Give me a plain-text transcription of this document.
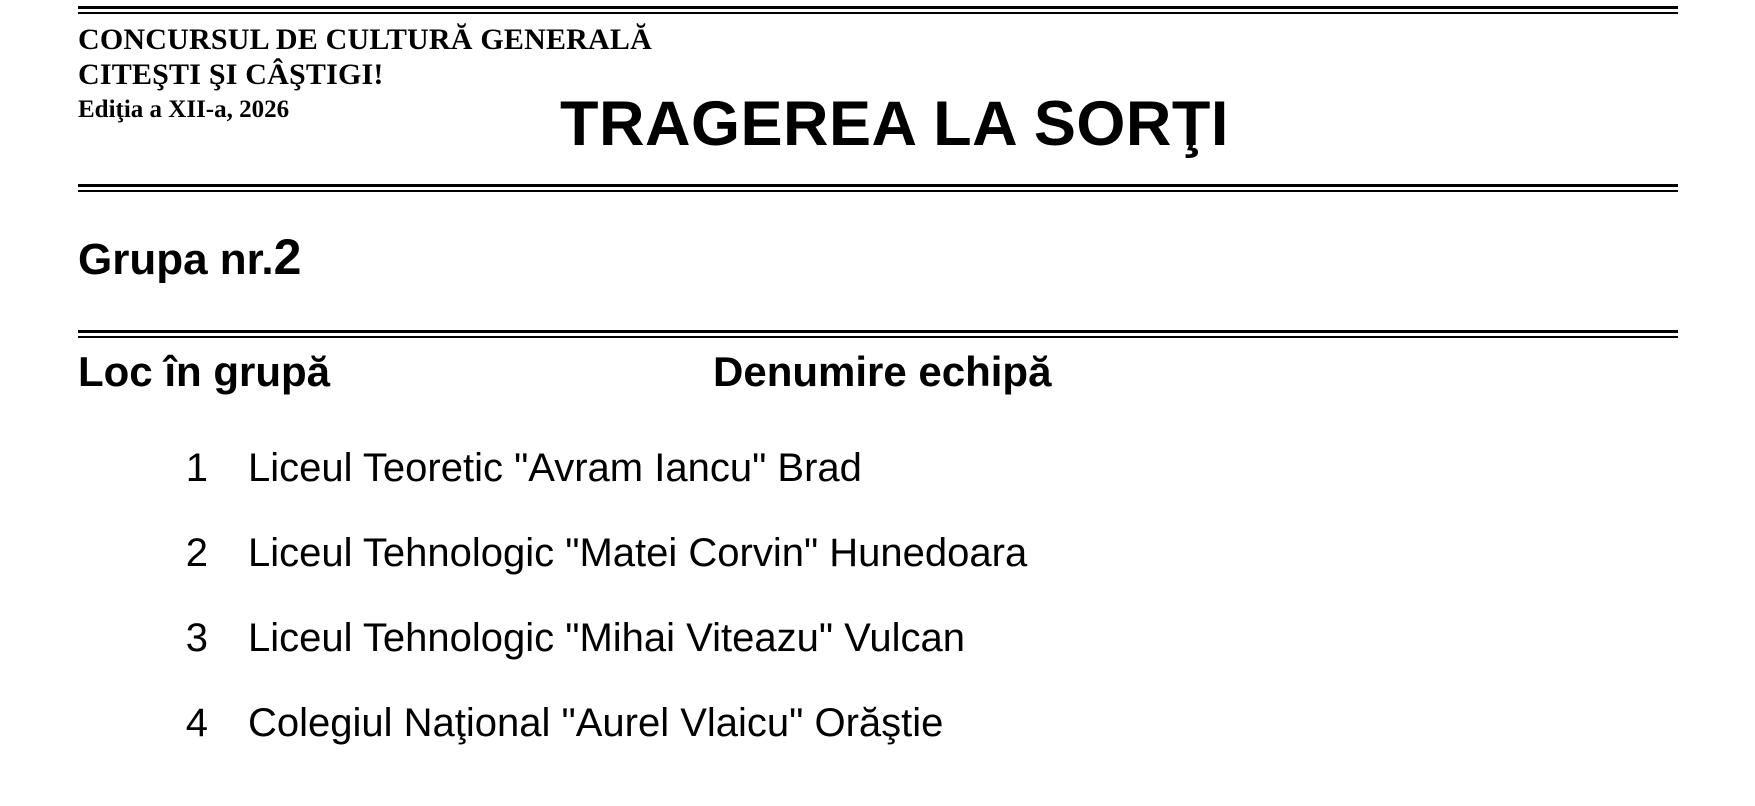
CONCURSUL DE CULTURĂ GENERALĂ
CITEŞTI ŞI CÂŞTIGI!
Ediţia a XII-a, 2026	TRAGEREA LA SORŢI
Grupa nr.2
Loc în grupă	Denumire echipă
1 Liceul Teoretic "Avram Iancu" Brad
2 Liceul Tehnologic "Matei Corvin" Hunedoara
3 Liceul Tehnologic "Mihai Viteazu" Vulcan
4 Colegiul Naţional "Aurel Vlaicu" Orăştie
